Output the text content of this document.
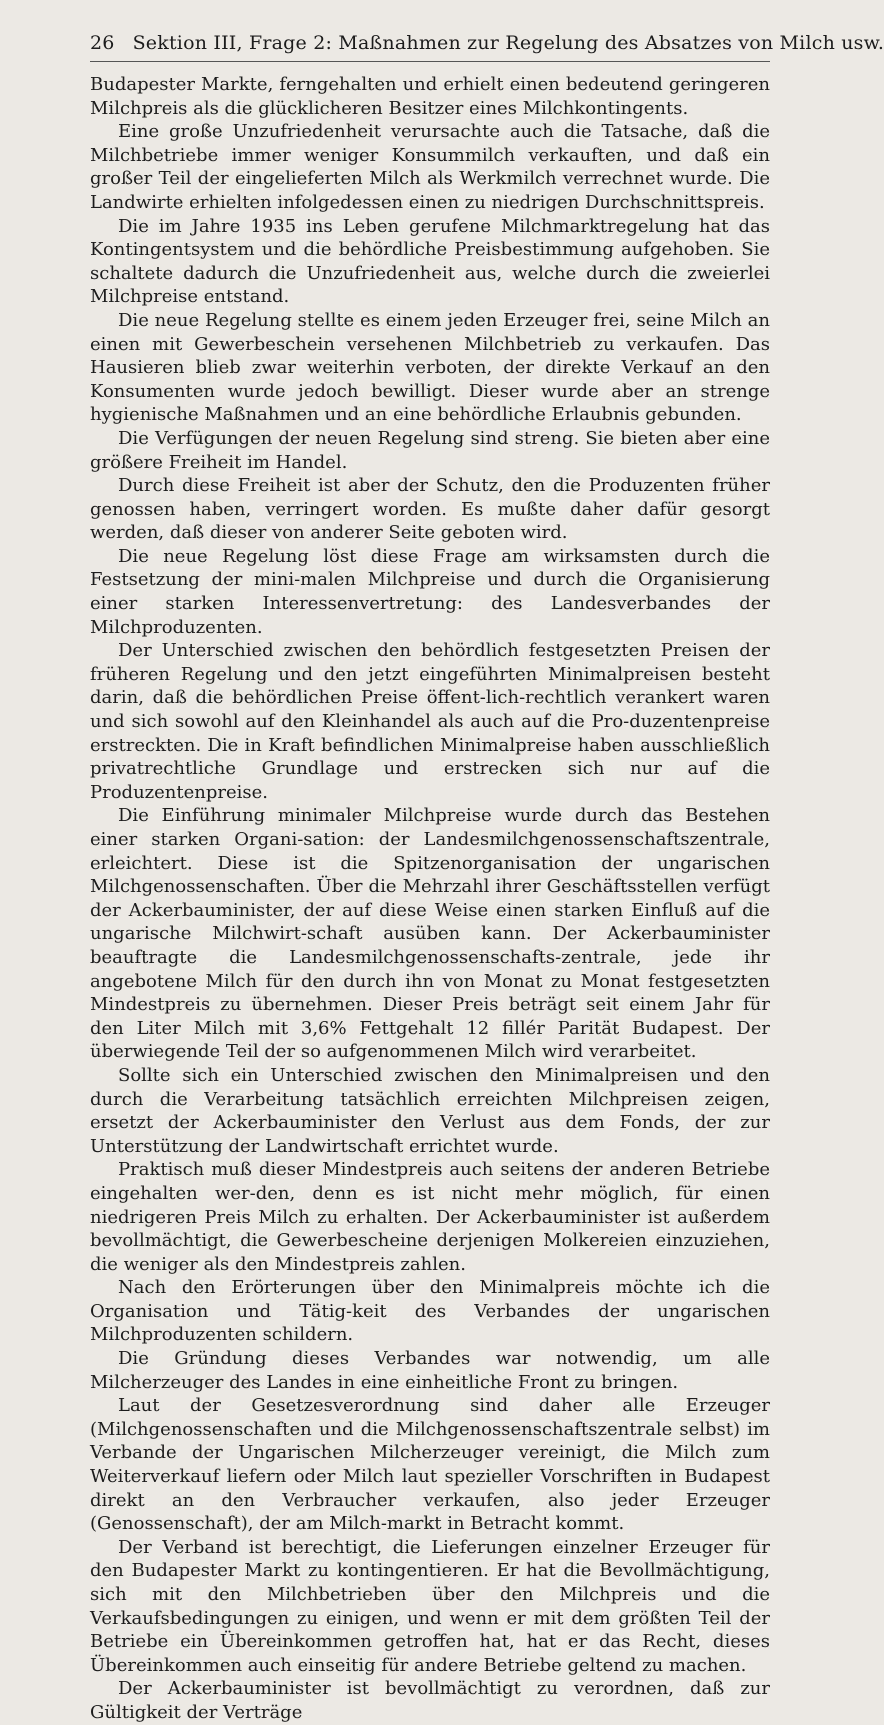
26 Sektion III, Frage 2: Maßnahmen zur Regelung des Absatzes von Milch usw.

Budapester Markte, ferngehalten und erhielt einen bedeutend geringeren Milchpreis als die glücklicheren Besitzer eines Milchkontingents.

Eine große Unzufriedenheit verursachte auch die Tatsache, daß die Milchbetriebe immer weniger Konsummilch verkauften, und daß ein großer Teil der eingelieferten Milch als Werkmilch verrechnet wurde. Die Landwirte erhielten infolgedessen einen zu niedrigen Durchschnittspreis.

Die im Jahre 1935 ins Leben gerufene Milchmarktregelung hat das Kontingentsystem und die behördliche Preisbestimmung aufgehoben. Sie schaltete dadurch die Unzufriedenheit aus, welche durch die zweierlei Milchpreise entstand.

Die neue Regelung stellte es einem jeden Erzeuger frei, seine Milch an einen mit Gewerbeschein versehenen Milchbetrieb zu verkaufen. Das Hausieren blieb zwar weiterhin verboten, der direkte Verkauf an den Konsumenten wurde jedoch bewilligt. Dieser wurde aber an strenge hygienische Maßnahmen und an eine behördliche Erlaubnis gebunden.

Die Verfügungen der neuen Regelung sind streng. Sie bieten aber eine größere Freiheit im Handel.

Durch diese Freiheit ist aber der Schutz, den die Produzenten früher genossen haben, verringert worden. Es mußte daher dafür gesorgt werden, daß dieser von anderer Seite geboten wird.

Die neue Regelung löst diese Frage am wirksamsten durch die Festsetzung der mini-malen Milchpreise und durch die Organisierung einer starken Interessenvertretung: des Landesverbandes der Milchproduzenten.

Der Unterschied zwischen den behördlich festgesetzten Preisen der früheren Regelung und den jetzt eingeführten Minimalpreisen besteht darin, daß die behördlichen Preise öffent-lich-rechtlich verankert waren und sich sowohl auf den Kleinhandel als auch auf die Pro-duzentenpreise erstreckten. Die in Kraft befindlichen Minimalpreise haben ausschließlich privatrechtliche Grundlage und erstrecken sich nur auf die Produzentenpreise.

Die Einführung minimaler Milchpreise wurde durch das Bestehen einer starken Organi-sation: der Landesmilchgenossenschaftszentrale, erleichtert. Diese ist die Spitzenorganisation der ungarischen Milchgenossenschaften. Über die Mehrzahl ihrer Geschäftsstellen verfügt der Ackerbauminister, der auf diese Weise einen starken Einfluß auf die ungarische Milchwirt-schaft ausüben kann. Der Ackerbauminister beauftragte die Landesmilchgenossenschafts-zentrale, jede ihr angebotene Milch für den durch ihn von Monat zu Monat festgesetzten Mindestpreis zu übernehmen. Dieser Preis beträgt seit einem Jahr für den Liter Milch mit 3,6% Fettgehalt 12 fillér Parität Budapest. Der überwiegende Teil der so aufgenommenen Milch wird verarbeitet.

Sollte sich ein Unterschied zwischen den Minimalpreisen und den durch die Verarbeitung tatsächlich erreichten Milchpreisen zeigen, ersetzt der Ackerbauminister den Verlust aus dem Fonds, der zur Unterstützung der Landwirtschaft errichtet wurde.

Praktisch muß dieser Mindestpreis auch seitens der anderen Betriebe eingehalten wer-den, denn es ist nicht mehr möglich, für einen niedrigeren Preis Milch zu erhalten. Der Ackerbauminister ist außerdem bevollmächtigt, die Gewerbescheine derjenigen Molkereien einzuziehen, die weniger als den Mindestpreis zahlen.

Nach den Erörterungen über den Minimalpreis möchte ich die Organisation und Tätig-keit des Verbandes der ungarischen Milchproduzenten schildern.

Die Gründung dieses Verbandes war notwendig, um alle Milcherzeuger des Landes in eine einheitliche Front zu bringen.

Laut der Gesetzesverordnung sind daher alle Erzeuger (Milchgenossenschaften und die Milchgenossenschaftszentrale selbst) im Verbande der Ungarischen Milcherzeuger vereinigt, die Milch zum Weiterverkauf liefern oder Milch laut spezieller Vorschriften in Budapest direkt an den Verbraucher verkaufen, also jeder Erzeuger (Genossenschaft), der am Milch-markt in Betracht kommt.

Der Verband ist berechtigt, die Lieferungen einzelner Erzeuger für den Budapester Markt zu kontingentieren. Er hat die Bevollmächtigung, sich mit den Milchbetrieben über den Milchpreis und die Verkaufsbedingungen zu einigen, und wenn er mit dem größten Teil der Betriebe ein Übereinkommen getroffen hat, hat er das Recht, dieses Übereinkommen auch einseitig für andere Betriebe geltend zu machen.

Der Ackerbauminister ist bevollmächtigt zu verordnen, daß zur Gültigkeit der Verträge
